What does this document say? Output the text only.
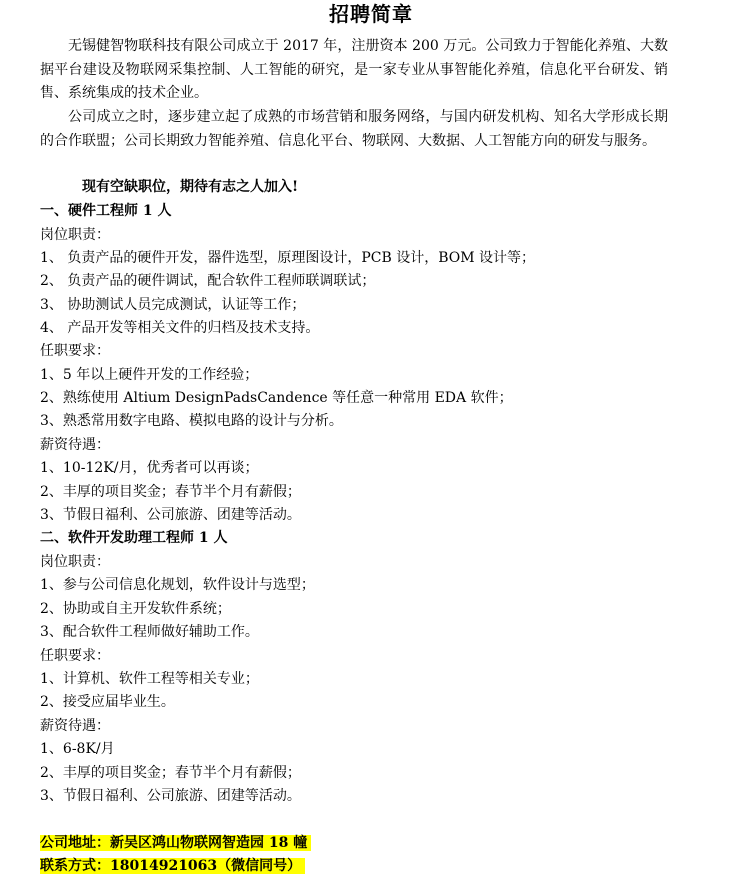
招聘简章
无锡健智物联科技有限公司成立于 2017 年，注册资本 200 万元。公司致力于智能化养殖、大数据平台建设及物联网采集控制、人工智能的研究，是一家专业从事智能化养殖，信息化平台研发、销售、系统集成的技术企业。
公司成立之时，逐步建立起了成熟的市场营销和服务网络，与国内研发机构、知名大学形成长期的合作联盟；公司长期致力智能养殖、信息化平台、物联网、大数据、人工智能方向的研发与服务。
现有空缺职位，期待有志之人加入!
一、硬件工程师 1 人
岗位职责：
1、 负责产品的硬件开发，器件选型，原理图设计，PCB 设计，BOM 设计等；
2、 负责产品的硬件调试，配合软件工程师联调联试；
3、 协助测试人员完成测试，认证等工作；
4、 产品开发等相关文件的归档及技术支持。
任职要求：
1、5 年以上硬件开发的工作经验；
2、熟练使用 Altium DesignPadsCandence 等任意一种常用 EDA 软件；
3、熟悉常用数字电路、模拟电路的设计与分析。
薪资待遇：
1、10-12K/月，优秀者可以再谈；
2、丰厚的项目奖金；春节半个月有薪假；
3、节假日福利、公司旅游、团建等活动。
二、软件开发助理工程师 1 人
岗位职责：
1、参与公司信息化规划，软件设计与选型；
2、协助或自主开发软件系统；
3、配合软件工程师做好辅助工作。
任职要求：
1、计算机、软件工程等相关专业；
2、接受应届毕业生。
薪资待遇：
1、6-8K/月
2、丰厚的项目奖金；春节半个月有薪假；
3、节假日福利、公司旅游、团建等活动。
公司地址：新吴区鸿山物联网智造园 18 幢
联系方式：18014921063（微信同号）
